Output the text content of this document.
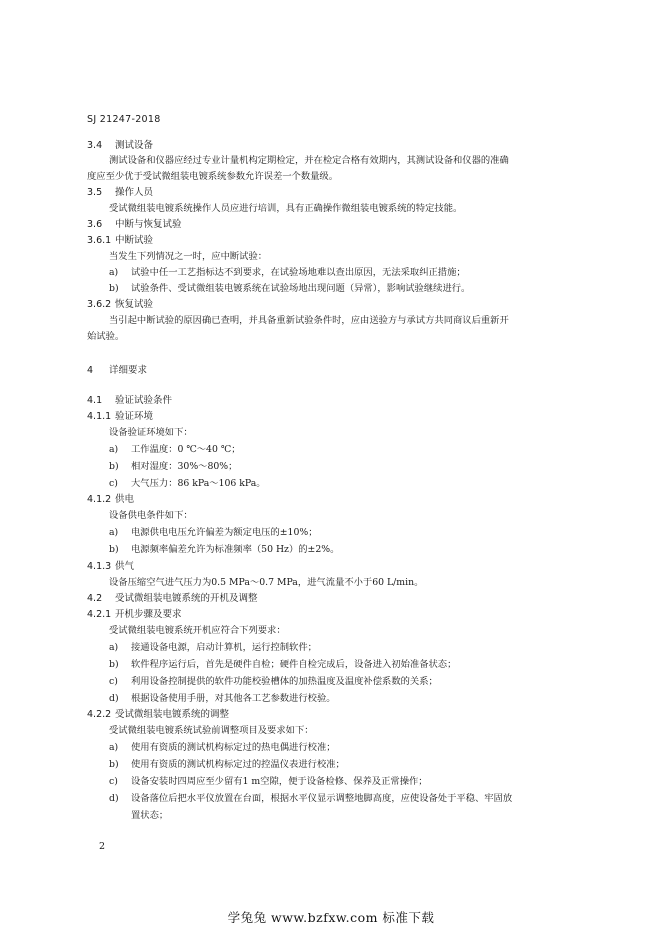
SJ 21247-2018
3.4 测试设备
测试设备和仪器应经过专业计量机构定期检定，并在检定合格有效期内，其测试设备和仪器的准确
度应至少优于受试微组装电镀系统参数允许误差一个数量级。
3.5 操作人员
受试微组装电镀系统操作人员应进行培训，具有正确操作微组装电镀系统的特定技能。
3.6 中断与恢复试验
3.6.1 中断试验
当发生下列情况之一时，应中断试验：
a) 试验中任一工艺指标达不到要求，在试验场地难以查出原因，无法采取纠正措施；
b) 试验条件、受试微组装电镀系统在试验场地出现问题（异常），影响试验继续进行。
3.6.2 恢复试验
当引起中断试验的原因确已查明，并具备重新试验条件时，应由送验方与承试方共同商议后重新开
始试验。
4 详细要求
4.1 验证试验条件
4.1.1 验证环境
设备验证环境如下：
a) 工作温度：0 ℃～40 ℃；
b) 相对湿度：30%～80%；
c) 大气压力：86 kPa～106 kPa。
4.1.2 供电
设备供电条件如下：
a) 电源供电电压允许偏差为额定电压的±10%；
b) 电源频率偏差允许为标准频率（50 Hz）的±2%。
4.1.3 供气
设备压缩空气进气压力为0.5 MPa～0.7 MPa，进气流量不小于60 L/min。
4.2 受试微组装电镀系统的开机及调整
4.2.1 开机步骤及要求
受试微组装电镀系统开机应符合下列要求：
a) 接通设备电源，启动计算机，运行控制软件；
b) 软件程序运行后，首先是硬件自检；硬件自检完成后，设备进入初始准备状态；
c) 利用设备控制提供的软件功能校验槽体的加热温度及温度补偿系数的关系；
d) 根据设备使用手册，对其他各工艺参数进行校验。
4.2.2 受试微组装电镀系统的调整
受试微组装电镀系统试验前调整项目及要求如下：
a) 使用有资质的测试机构标定过的热电偶进行校准；
b) 使用有资质的测试机构标定过的控温仪表进行校准；
c) 设备安装时四周应至少留有1 m空隙，便于设备检修、保养及正常操作；
d) 设备落位后把水平仪放置在台面，根据水平仪显示调整地脚高度，应使设备处于平稳、牢固放
置状态；
2
学兔兔 www.bzfxw.com 标准下载
